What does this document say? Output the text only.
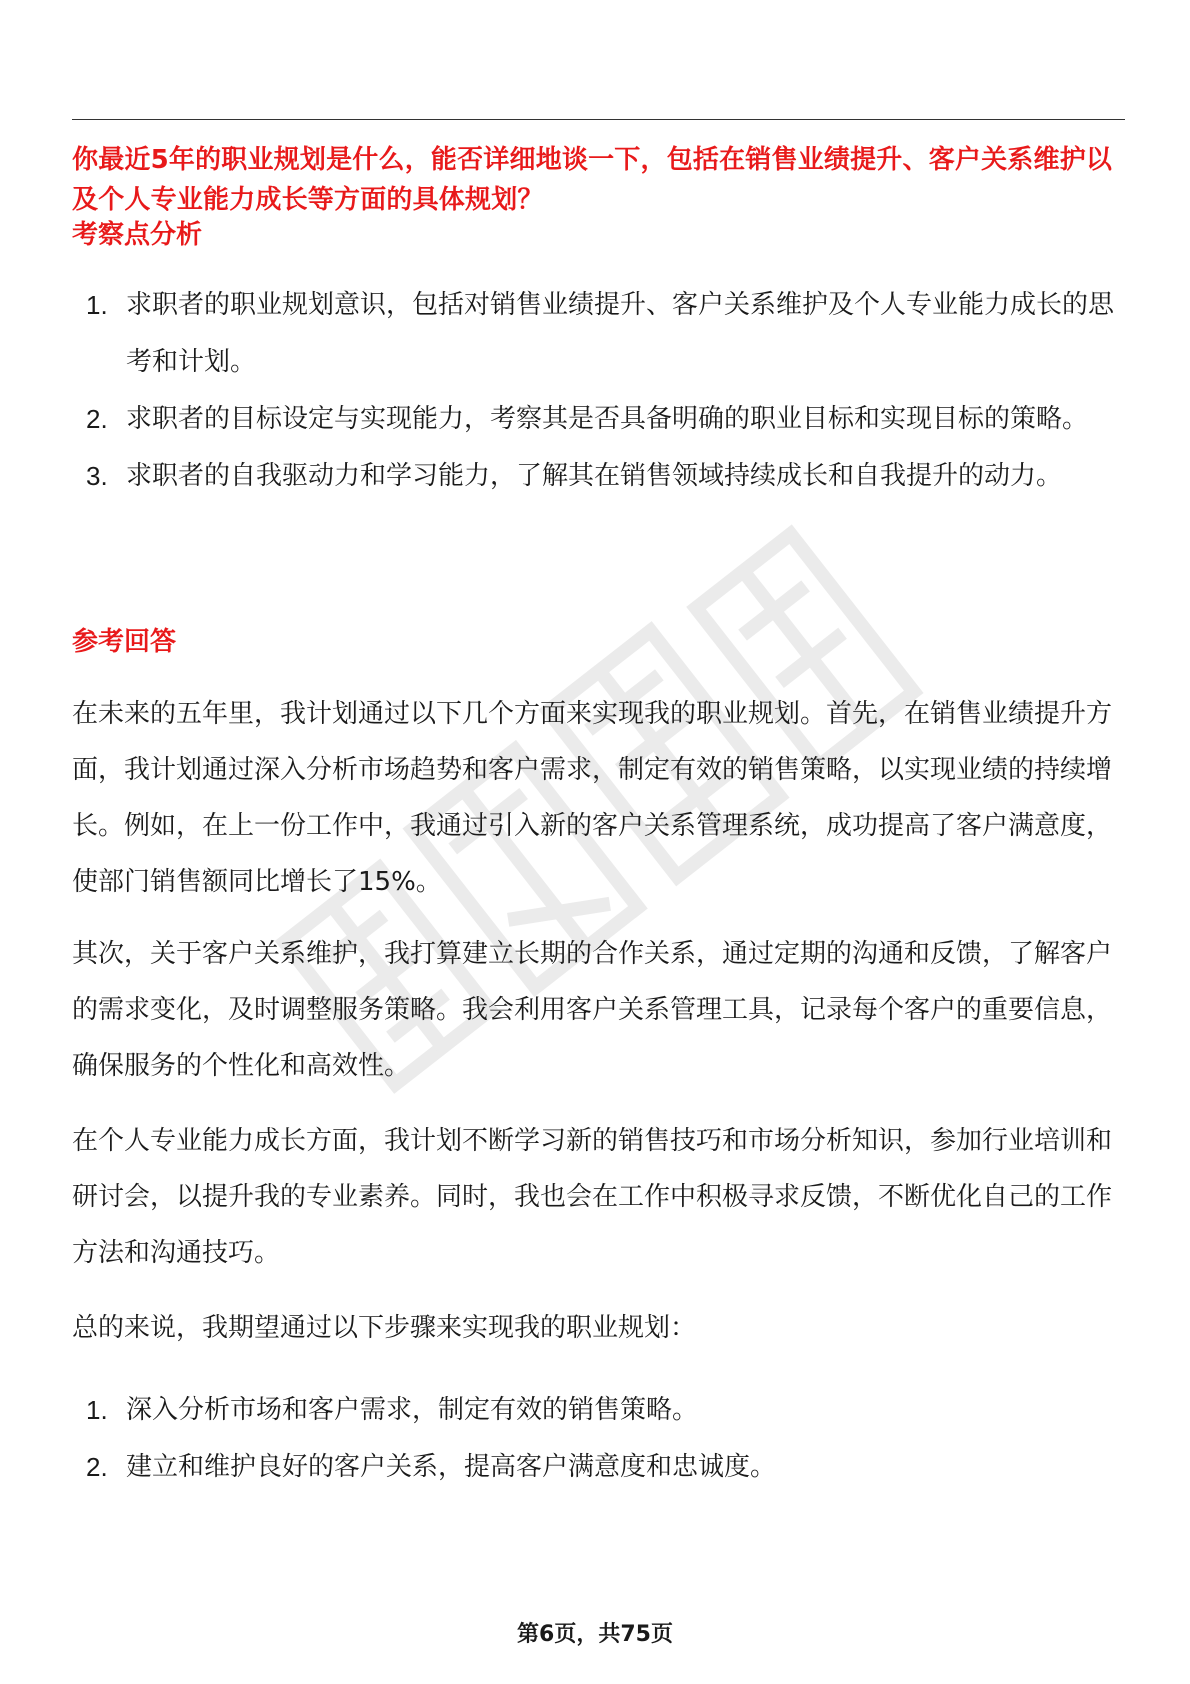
你最近5年的职业规划是什么，能否详细地谈一下，包括在销售业绩提升、客户关系维护以及个人专业能力成长等方面的具体规划？
考察点分析
1. 求职者的职业规划意识，包括对销售业绩提升、客户关系维护及个人专业能力成长的思考和计划。
2. 求职者的目标设定与实现能力，考察其是否具备明确的职业目标和实现目标的策略。
3. 求职者的自我驱动力和学习能力，了解其在销售领域持续成长和自我提升的动力。
参考回答

在未来的五年里，我计划通过以下几个方面来实现我的职业规划。首先，在销售业绩提升方面，我计划通过深入分析市场趋势和客户需求，制定有效的销售策略，以实现业绩的持续增长。例如，在上一份工作中，我通过引入新的客户关系管理系统，成功提高了客户满意度，使部门销售额同比增长了15%。

其次，关于客户关系维护，我打算建立长期的合作关系，通过定期的沟通和反馈，了解客户的需求变化，及时调整服务策略。我会利用客户关系管理工具，记录每个客户的重要信息，确保服务的个性化和高效性。

在个人专业能力成长方面，我计划不断学习新的销售技巧和市场分析知识，参加行业培训和研讨会，以提升我的专业素养。同时，我也会在工作中积极寻求反馈，不断优化自己的工作方法和沟通技巧。

总的来说，我期望通过以下步骤来实现我的职业规划：

1. 深入分析市场和客户需求，制定有效的销售策略。
2. 建立和维护良好的客户关系，提高客户满意度和忠诚度。
第6页，共75页
